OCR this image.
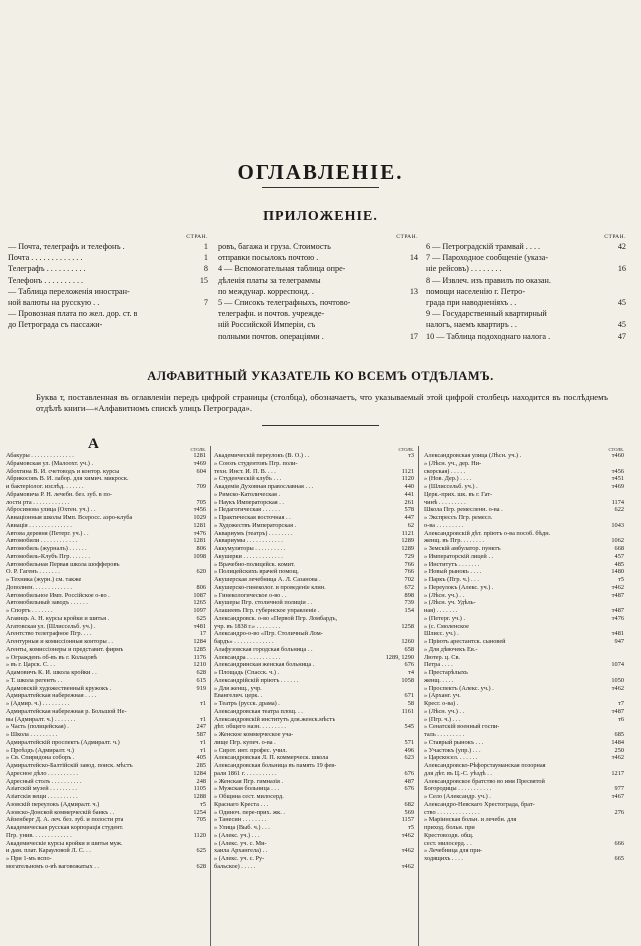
ОГЛАВЛЕНІЕ.
ПРИЛОЖЕНІЕ.
СТРАН.
— Почта, телеграфъ и телефонъ .	1
Почта . . . . . . . . . . . . .	1
Телеграфъ . . . . . . . . . .	8
Телефонъ . . . . . . . . . .	15
— Таблица переложенія иностран-
ной валюты на русскую . .	7
— Провозная плата по жел. дор. ст. в
до Петрограда съ пассажи-
СТРАН.
ровъ, багажа и груза. Стоимость
отправки посылокъ почтою .	14
4 — Вспомогательная таблица опре-
дѣленія платы за телеграммы
по междунар. корреспонд. .	13
5 — Списокъ телеграфныхъ, почтово-
телеграфн. и почтов. учрежде-
ній Российской Имперіи, съ
полными почтов. операціями .	17
СТРАН.
6 — Петроградскій трамвай . . . .	42
7 — Пароходное сообщеніе (указа-
ніе рейсовъ) . . . . . . . .	16
8 — Извлеч. изъ правилъ по оказан.
помощи населенію г. Петро-
града при наводненіяхъ . .	45
9 — Государственный квартирный
налогъ, наемъ квартиръ . .	45
10 — Таблица подоходнаго налога .	47
АЛФАВИТНЫЙ УКАЗАТЕЛЬ КО ВСЕМЪ ОТДѢЛАМЪ.
Буква т, поставленная въ оглавленіи передъ цифрой страницы (столбца), обозначаетъ, что указываемый этой цифрой столбецъ находится въ послѣднемъ отдѣлѣ книги—«Алфавитномъ спискѣ улицъ Петрограда».
А	СТОЛБ.
Абакуры . . . . . . . . . . . . . .	1281
Абрамовская ул. (Малоохт. уч.) .	т469
Абохтина В. И. счетоводъ и контор. курсы	604
Абрикосовъ В. И. лабор. для химич. микроск.
и бактеріолог. изслѣд. . . . . . .	709
Абрамовича Р. Н. лечебн. без. зуб. в по-
лости рта . . . . . . . . . . . .	705
Абросимова улица (Охтен. уч.) . .	т456
Авиаціонныя школы Имп. Всеросс. аэро-клуба	1029
Авиація . . . . . . . . . . . . . .	1281
Автова деревня (Петерг. уч.) . .	т476
Автомобили . . . . . . . . . . . .	1281
Автомобиль (журналъ) . . . . . .	806
Автомобиль-Клубъ Пгр. . . . . . .	1098
Автомобильная Первая школа шофферовъ
О. Р. Гагенъ . . . . . . .	620
» Техника (журн.) см. также
Дополнен. . . . . . . . . . . . .	806
Автомобильное Имп. Россійское о-во .	1087
Автомобильный заводъ . . . . . .	1265
» Спортъ . . . . . . .	1097
Агаянцъ А. Н. курсы кройки и шитья .	625
Агатовская ул. (Шлиссельб. уч.) .	т481
Агентство телеграфное Пгр. . . .	17
Агентурныя и комиссіонныя конторы . .	1284
Агенты, комиссіонеры и представит. фирмъ	1285
» Огражденъ об-въ въ г. Кольцовѣ	1176
» въ г. Царск. С. . .	1210
Адамовичъ К. И. школа кройки . .	628
» Т. школа регентъ . .	615
Адамовскій художественный кружокъ .	919
Адмиралтейская набережная . . . .
» (Адмир. ч.) . . . . . . . . .	т1
Адмиралтейская набережная р. Большой Не-
вы (Адмиралт. ч.) . . . . . . .	т1
» Часть (полицейская) .	247
» Школа . . . . . . . . .	587
Адмиралтейскій проспектъ (Адмиралт. ч.)	т1
» Проѣздъ (Адмиралт. ч.)	т1
» Св. Спиридона соборъ .	405
Адмиралтейско-Балтійскій завод. поиск. мѣстъ	285
Адресное дѣло . . . . . . . . . .	1284
Адресный столъ . . . . . . . . . .	248
Азіатскій музей . . . . . . . . .	1105
Азіатскія вещи . . . . . . . . . .	1288
Азовскій переулокъ (Адмиралт. ч.)	т5
Азовско-Донской коммерческій банкъ . .	1254
Айзенберг Д. А. леч. без. зуб. и полости рта	705
Академическая русская корпорація студент.
Пгр. унив. . . . . . . . . . . . .	1120
Академическіе курсы кройки и шитья муж.
и дам. плат. Карауловой Л. С. . .	625
» При 1-мъ вспо-
могательномъ о-вѣ ваговожатых . .	628
СТОЛБ.
Академическій переулокъ (В. О.) . .	т3
» Союзъ студентовъ Пгр. поли-
техн. Инст. И. П. В. . . .	1121
» Студенческій клубъ . . .	1120
Академія Духовная православная . . .	440
» Римско-Католическая .	441
» Наукъ Императорская . .	261
» Педагогическая . . . . . .	578
» Практическая восточная . .	447
» Художествъ Императорская .	62
Аквариумъ (театръ) . . . . . . . .	1121
Аквариумы . . . . . . . . . . . .	1289
Аккумуляторы . . . . . . . . . .	1289
Акушерки . . . . . . . . . . . . .	729
» Врачебно-полицейск. комит.	766
» Полицейскихъ врачей помощ.	766
Акушерская лечебница А. Л. Сазанова .	702
Акушерско-гинеколог. и проведеніе клин.	672
» Гинекологическое о-во . .	898
Акушеры Пгр. столичной полиціи . .	739
Алашеевъ Пгр. губернское управленіе .	154
Александровск. о-во «Первой Пгр. Ломбардъ,
учр. въ 1838 г.» . . . . . . . .	1258
Александро-о-во «Пгр. Столичный Лом-
бардъ» . . . . . . . . . . . . .	1260
Алафузовская городская больница . .	658
Александра . . . . . . . . . . .	1289, 1290
Александринская женская больница .	676
» Площадь (Спасск. ч.) .	т4
Александрійскій пріютъ . . . . . .	1058
» Для женщ., учр.
Евангелич. церк. .	671
» Театръ (русск. драма) .	58
Александровская театра площ. . .	1161
Александровскій институтъ для.женск.мѣстъ
дѣт. общего назн. . . . . . . . .	545
» Женское коммерческое уча-
лище Пгр. купеч. о-ва .	571
» Сирот. инт. профес. учил.	496
Александровская Л. П. коммерческ. школа	623
Александровская больница въ память 19 фев-
раля 1861 г. . . . . . . . . . .	676
» Женская Пгр. гимназія .	487
» Мужская больница . . .	676
» Община сест. милосерд.
Краснаго Креста . . .	682
» Одиноч. пере-прих. жк. .	569
» Танесин . . . . . . . .	1157
» Улица (Выб. ч.) . . .	т5
» (Алекс. уч.) . . .	т462
» (Алекс. уч. с. Ми-
хаила Архангела) . .	т462
» (Алекс. уч. с. Ру-
бальское) . . . . .	т462
СТОЛБ.
Александровская улица (Лѣсн. уч.) .	т460
» (Лѣсн. уч., дер. Ни-
скорская) . . . . .	т456
» (Нов. Дер.) . . . .	т451
» (Шлиссельб. уч.) .	т469
Церк.-прих. шк. въ г. Гат-
чинѣ . . . . . . . . .	1174
Школа Пгр. ремесленн. о-ва .	622
» Экспрессъ Пгр. ремесл.
о-ва . . . . . . . . .	1043
Александровскій дѣт. пріютъ о-ва пособ. бѣдн.
женщ. въ Пгр. . . . . . . .	1062
» Земскій амбулатор. пунктъ	668
» Императорскій лицей . .	457
» Институтъ . . . . . . .	485
» Новый рынокъ . . . .	1480
» Паркъ (Пгр. ч.) . . .	т5
» Переулокъ (Алекс. уч.) .	т462
» (Лѣсн. уч.) . .	т487
» (Лѣсн. уч. Удѣль-
ная) . . . . . . .	т487
» (Петерг. уч.) .	т476
» (с. Смоленское
Шлисс. уч.) .	т481
» Пріютъ арестантск. сыновей	947
» Для дѣвочекъ Ев.-
Лютер. ц. Св.
Петра . . . .	1074
» Престарѣлыхъ
женщ. . . . .	1050
» Проспектъ (Алекс. уч.) .	т462
» (Арханг. уч.
Кресг. о-ва) .	т7
» (Лѣсн. уч.) . .	т487
» (Пгр. ч.) . . .	т6
» Сенатскій военный госпи-
таль . . . . . . . . .	685
» Ставрый рынокъ . . .	1484
» Участокъ (упр.) . . .	250
» Царскосел. . . . . . .	т462
Александровско-Рѣфорстауманская позорная
для дѣт. въ Ц.-С. уѣздѣ . .	1217
Александровское братство во имя Пресвятой
Богородицы . . . . . . . . . . .	977
» Село (Александр. уч.) .	т467
Александро-Невскаго Хрестограда, брат-
ство . . . . . . . . . . . . . .	276
» Маріинская больн. и лечебн. для
приход. больн. при
Крестовоздв. общ.
сест. милосерд. . .	666
» Лечебница для при-
ходящихъ . . . .	665
